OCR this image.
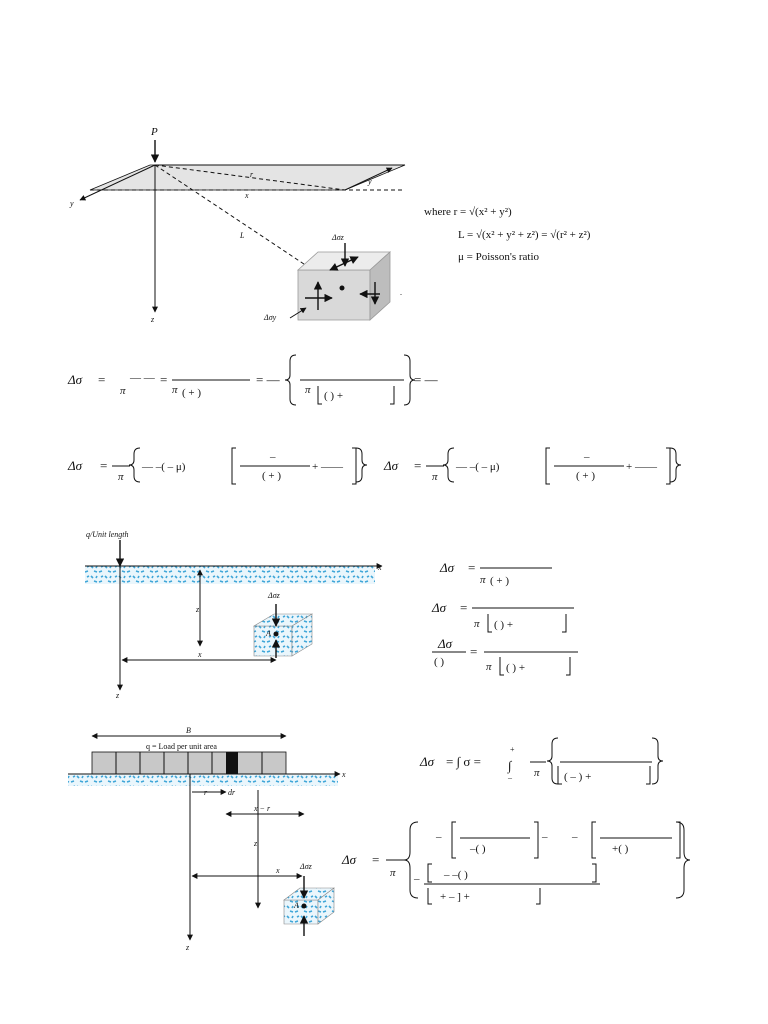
P
z
y
r
x
y
L	Δσz
Δσy
.
where r = √(x² + y²)
L = √(x² + y² + z²) = √(r² + z²)
μ = Poisson's ratio
Δσ =
π
— — =
π ( + )
= —
π ( ) +
= —
Δσ =
π
— –( – μ)
–
( + )
+ ——	Δσ =
π
— –( – μ)
–
( + )
+ ——
q/Unit length
x
z
z
x
Δσz
A
Δσ =
π ( + )
Δσ =
π ( ) +
Δσ
( )
=
π ( ) +
B
q = Load per unit area
x
z
r	dr
x − r
z
x	Δσz
A
Δσ = ∫ σ = ∫
+
– π ( – ) +
Δσ =
π
–
–( )
– –
+( )
– – –( )
+ – ] +
